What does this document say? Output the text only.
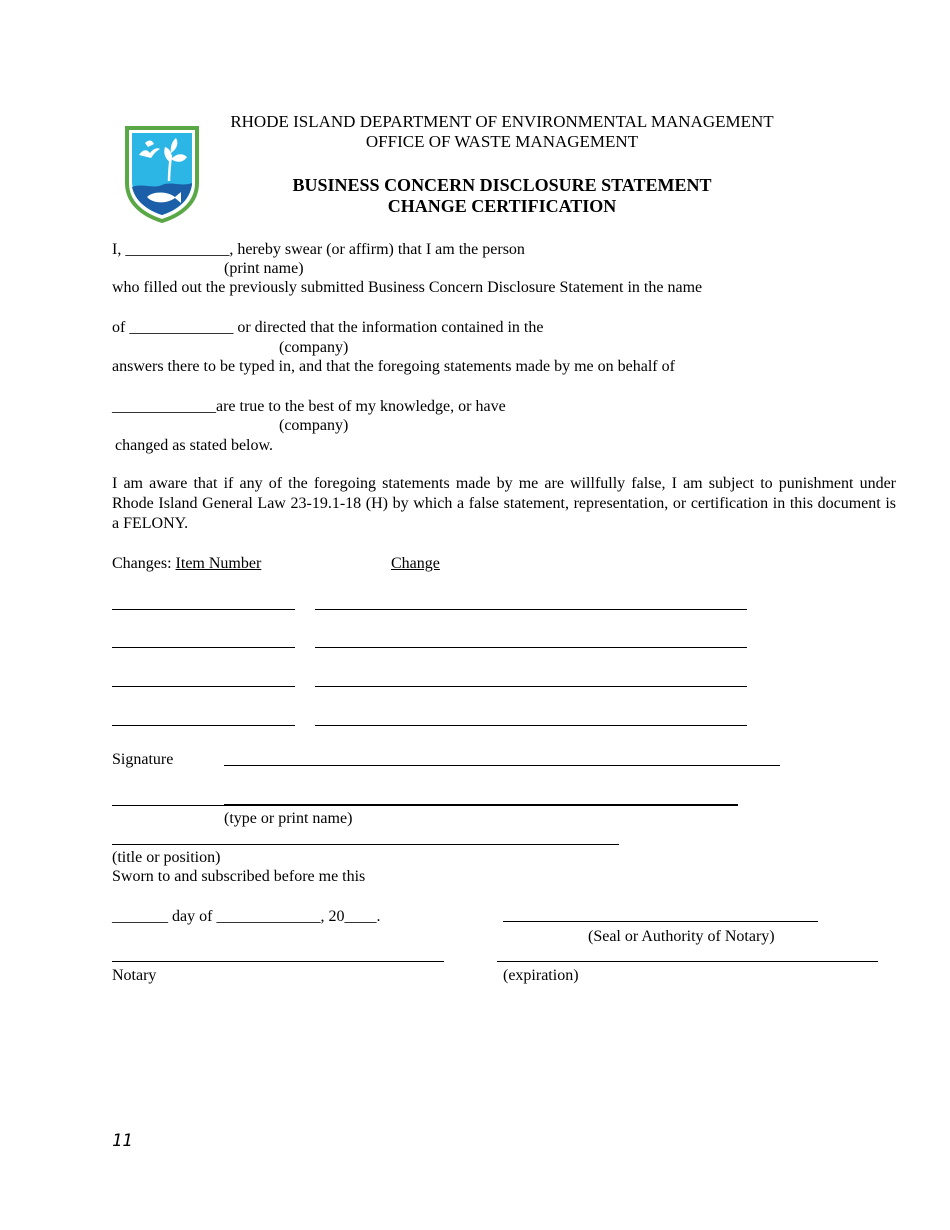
RHODE ISLAND DEPARTMENT OF ENVIRONMENTAL MANAGEMENT
OFFICE OF WASTE MANAGEMENT
BUSINESS CONCERN DISCLOSURE STATEMENT
CHANGE CERTIFICATION
I, _____________, hereby swear (or affirm) that I am the person
(print name)
who filled out the previously submitted Business Concern Disclosure Statement in the name
of _____________ or directed that the information contained in the
(company)
answers there to be typed in, and that the foregoing statements made by me on behalf of
_____________are true to the best of my knowledge, or have
(company)
changed as stated below.
I am aware that if any of the foregoing statements made by me are willfully false, I am subject to punishment under Rhode Island General Law 23-19.1-18 (H) by which a false statement, representation, or certification in this document is a FELONY.
Changes: Item Number	Change
Signature
(type or print name)
(title or position)
Sworn to and subscribed before me this
_______ day of _____________, 20____.
(Seal or Authority of Notary)
Notary	(expiration)
11
